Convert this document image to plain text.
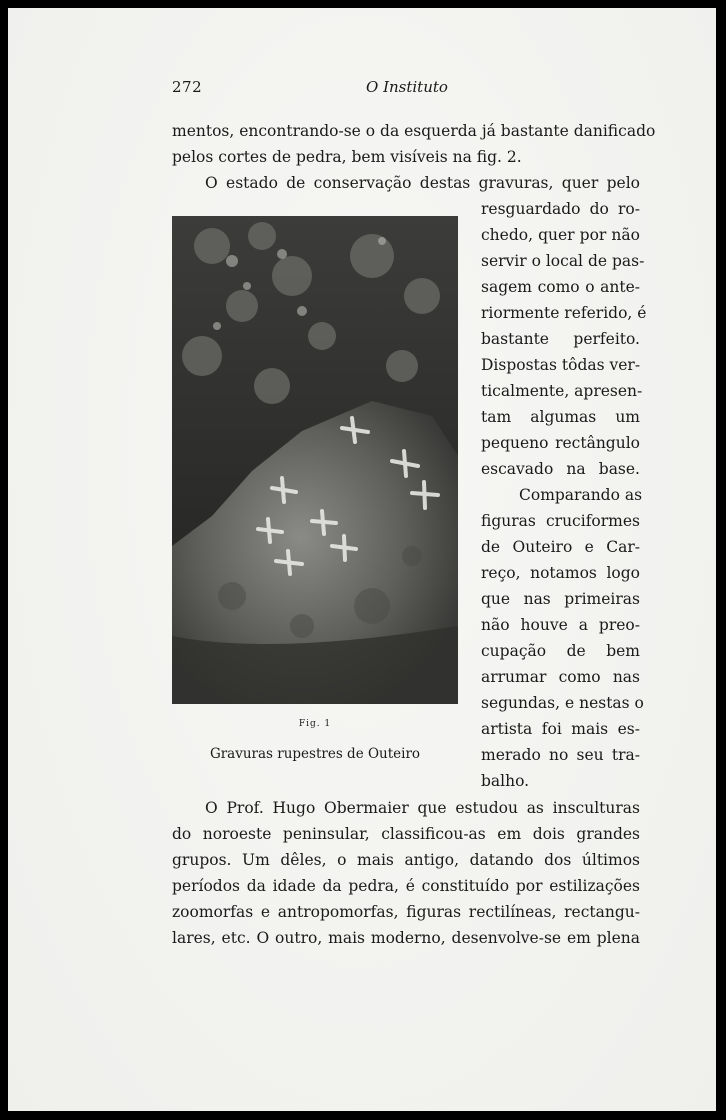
272	O Instituto
mentos, encontrando-se o da esquerda já bastante danificado
pelos cortes de pedra, bem visíveis na fig. 2.
O estado de conservação destas gravuras, quer pelo
Fig. 1
Gravuras rupestres de Outeiro
resguardado do ro-
chedo, quer por não
servir o local de pas-
sagem como o ante-
riormente referido, é
bastante perfeito.
Dispostas tôdas ver-
ticalmente, apresen-
tam algumas um
pequeno rectângulo
escavado na base.
Comparando as
figuras cruciformes
de Outeiro e Car-
reço, notamos logo
que nas primeiras
não houve a preo-
cupação de bem
arrumar como nas
segundas, e nestas o
artista foi mais es-
merado no seu tra-
balho.
O Prof. Hugo Obermaier que estudou as insculturas
do noroeste peninsular, classificou-as em dois grandes
grupos. Um dêles, o mais antigo, datando dos últimos
períodos da idade da pedra, é constituído por estilizações
zoomorfas e antropomorfas, figuras rectilíneas, rectangu-
lares, etc. O outro, mais moderno, desenvolve-se em plena
